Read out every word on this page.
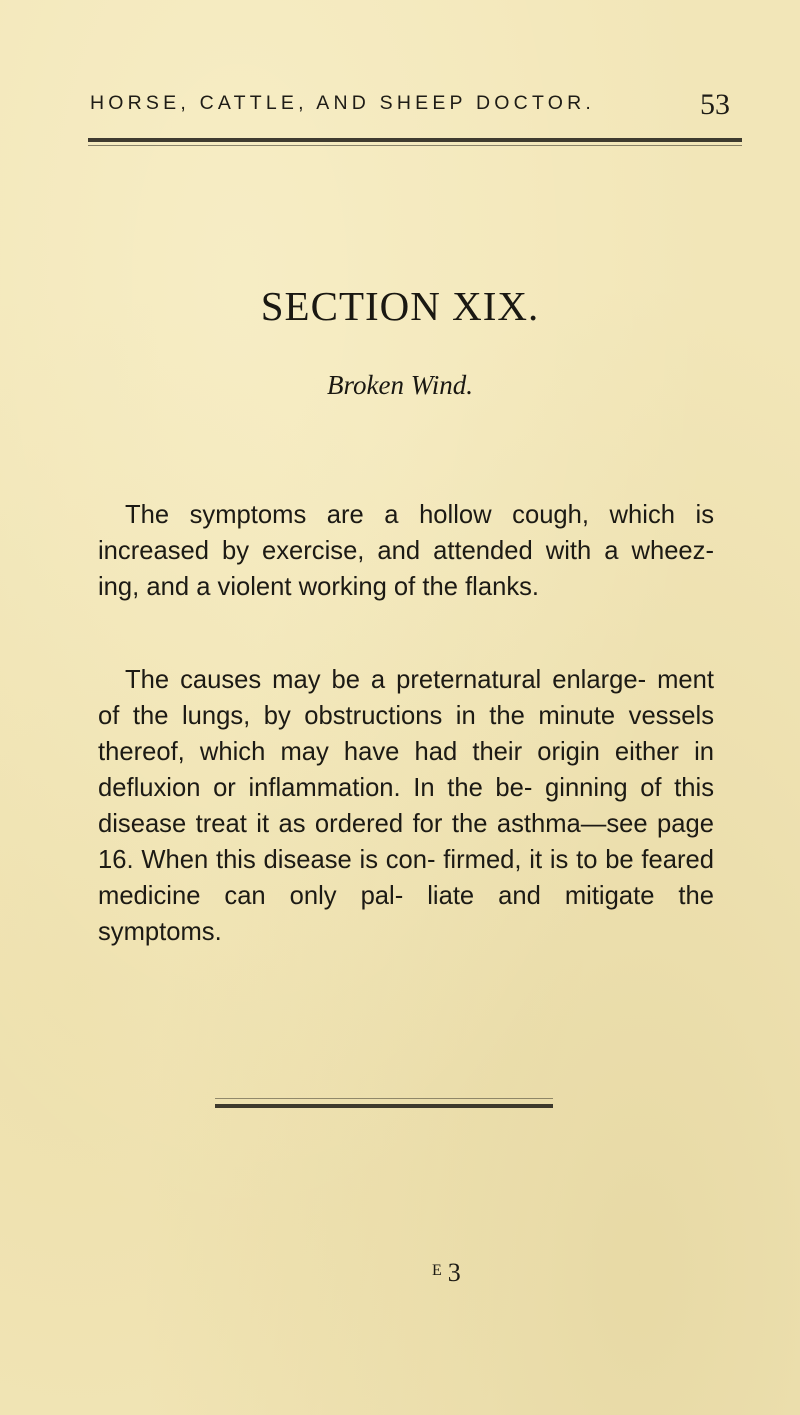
HORSE, CATTLE, AND SHEEP DOCTOR.	53
SECTION XIX.
Broken Wind.

The symptoms are a hollow cough, which is increased by exercise, and attended with a wheez- ing, and a violent working of the flanks.

The causes may be a preternatural enlarge- ment of the lungs, by obstructions in the minute vessels thereof, which may have had their origin either in defluxion or inflammation. In the be- ginning of this disease treat it as ordered for the asthma—see page 16. When this disease is con- firmed, it is to be feared medicine can only pal- liate and mitigate the symptoms.

$^E$ 3
